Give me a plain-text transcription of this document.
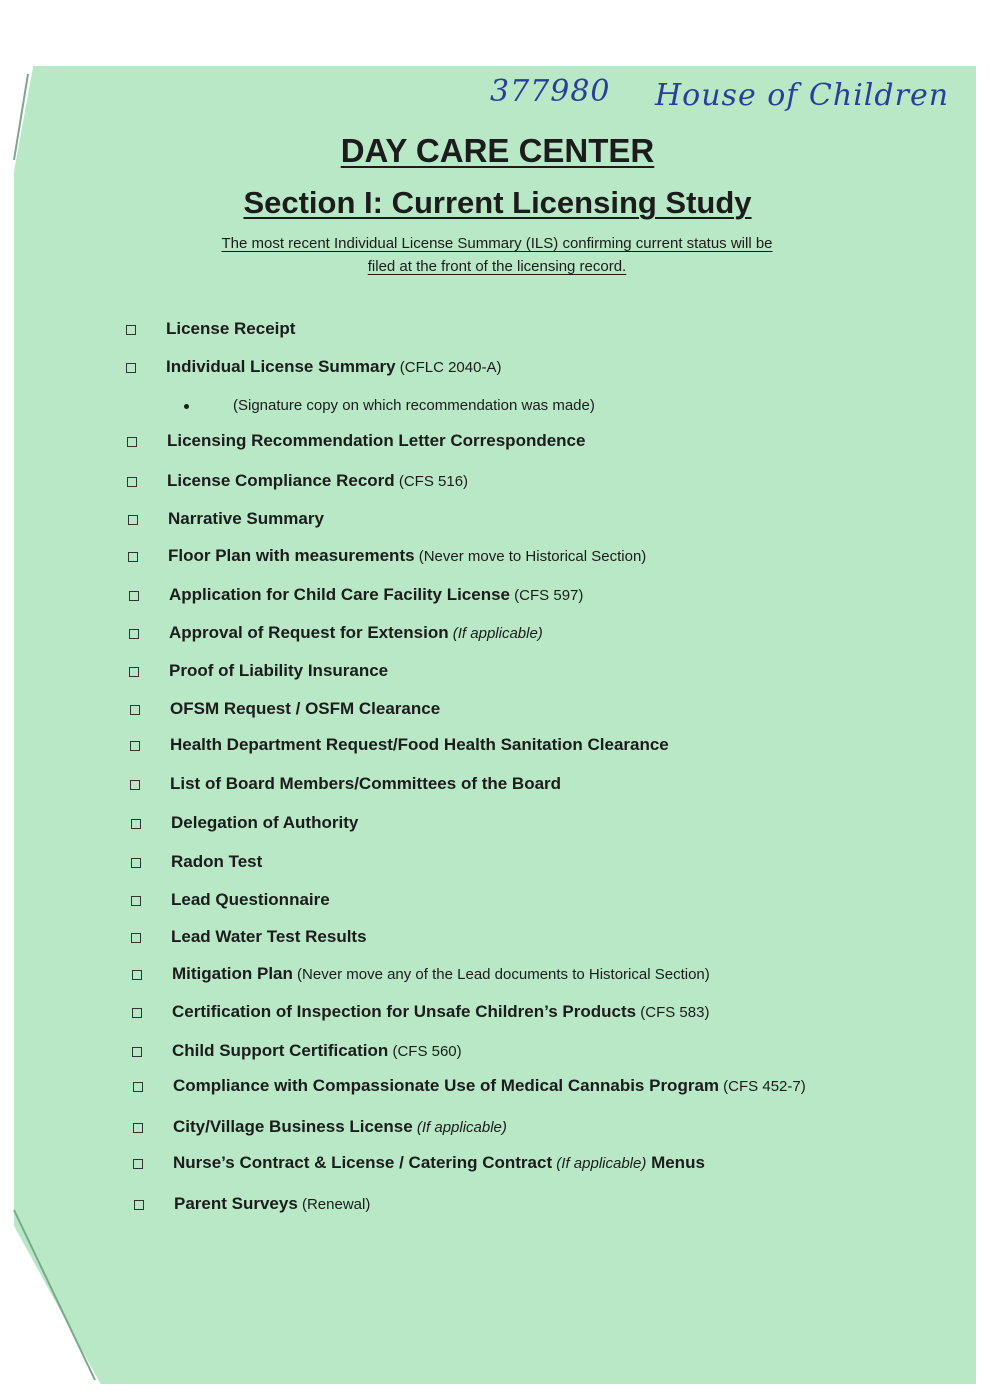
377980 House of Children
DAY CARE CENTER
Section I: Current Licensing Study
The most recent Individual License Summary (ILS) confirming current status will be
filed at the front of the licensing record.
License Receipt
Individual License Summary (CFLC 2040-A)
(Signature copy on which recommendation was made)
Licensing Recommendation Letter Correspondence
License Compliance Record (CFS 516)
Narrative Summary
Floor Plan with measurements (Never move to Historical Section)
Application for Child Care Facility License (CFS 597)
Approval of Request for Extension (If applicable)
Proof of Liability Insurance
OFSM Request / OSFM Clearance
Health Department Request/Food Health Sanitation Clearance
List of Board Members/Committees of the Board
Delegation of Authority
Radon Test
Lead Questionnaire
Lead Water Test Results
Mitigation Plan (Never move any of the Lead documents to Historical Section)
Certification of Inspection for Unsafe Children’s Products (CFS 583)
Child Support Certification (CFS 560)
Compliance with Compassionate Use of Medical Cannabis Program (CFS 452-7)
City/Village Business License (If applicable)
Nurse’s Contract & License / Catering Contract (If applicable) Menus
Parent Surveys (Renewal)
